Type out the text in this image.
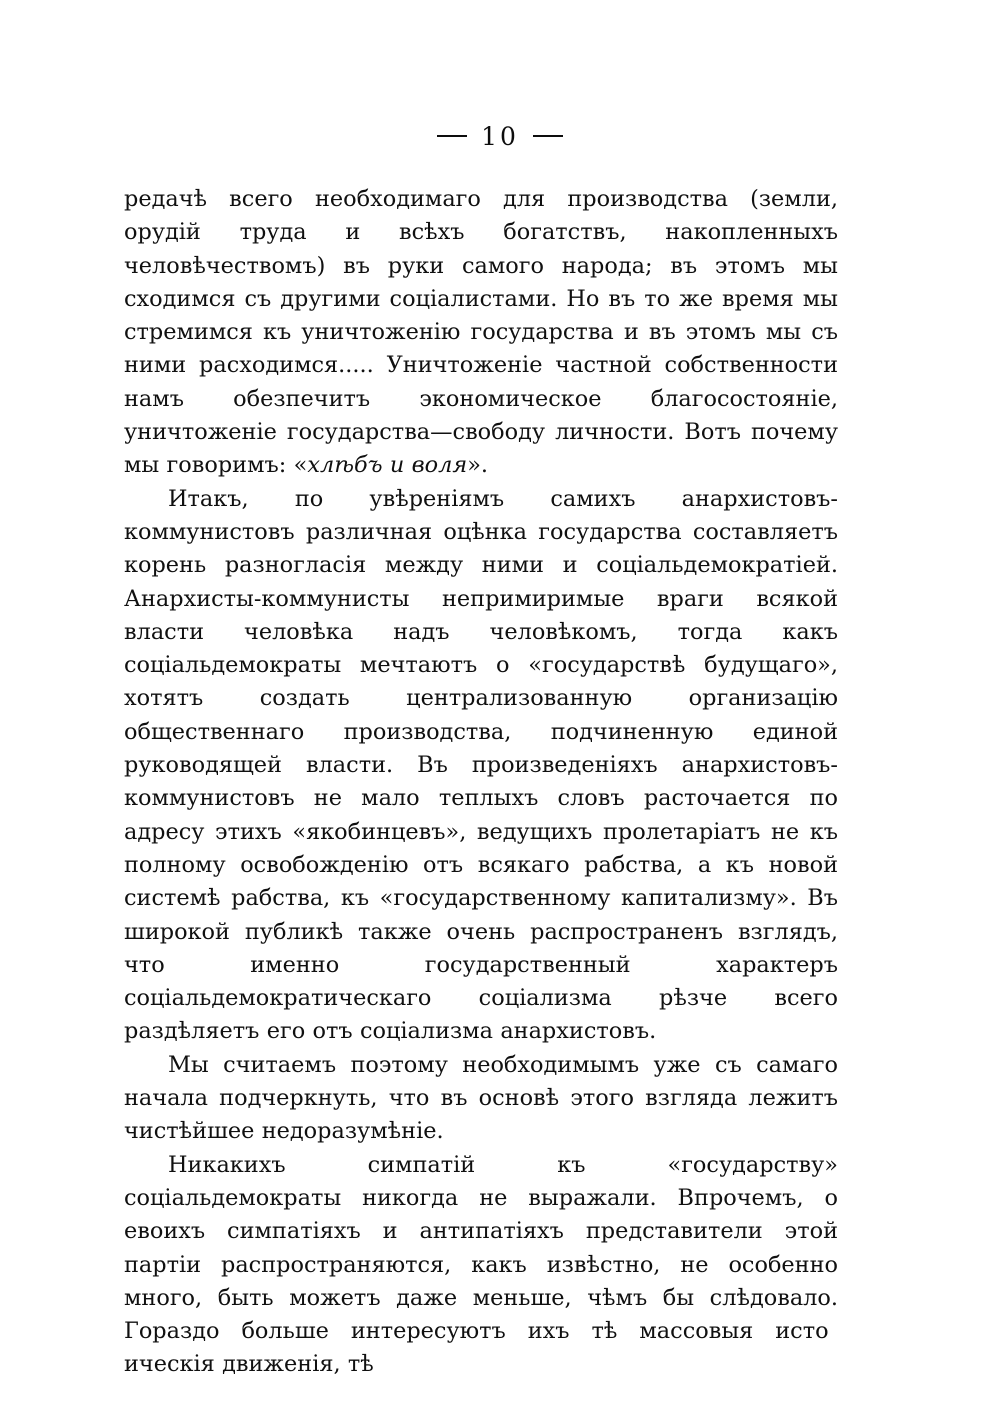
10

редачѣ всего необходимаго для производства (земли, орудій труда и всѣхъ богатствъ, накопленныхъ человѣчествомъ) въ руки самого народа; въ этомъ мы сходимся съ другими соціалистами. Но въ то же время мы стремимся къ уничтоженію государства и въ этомъ мы съ ними расходимся..... Уничтоженіе частной собственности намъ обезпечитъ экономическое благосостояніе, уничтоженіе государства—свободу личности. Вотъ почему мы говоримъ: «хлѣбъ и воля».

Итакъ, по увѣреніямъ самихъ анархистовъ-коммунистовъ различная оцѣнка государства составляетъ корень разногласія между ними и соціальдемократіей. Анархисты-коммунисты непримиримые враги всякой власти человѣка надъ человѣкомъ, тогда какъ соціальдемократы мечтаютъ о «государствѣ будущаго», хотятъ создать централизованную организацію общественнаго производства, подчиненную единой руководящей власти. Въ произведеніяхъ анархистовъ-коммунистовъ не мало теплыхъ словъ расточается по адресу этихъ «якобинцевъ», ведущихъ пролетаріатъ не къ полному освобожденію отъ всякаго рабства, а къ новой системѣ рабства, къ «государственному капитализму». Въ широкой публикѣ также очень распространенъ взглядъ, что именно государственный характеръ соціальдемократическаго соціализма рѣзче всего раздѣляетъ его отъ соціализма анархистовъ.

Мы считаемъ поэтому необходимымъ уже съ самаго начала подчеркнуть, что въ основѣ этого взгляда лежитъ чистѣйшее недоразумѣніе.

Никакихъ симпатій къ «государству» соціальдемократы никогда не выражали. Впрочемъ, о евоихъ симпатіяхъ и антипатіяхъ представители этой партіи распространяются, какъ извѣстно, не особенно много, быть можетъ даже меньше, чѣмъ бы слѣдовало. Гораздо больше интересуютъ ихъ тѣ массовыя истоическія движенія, тѣ
